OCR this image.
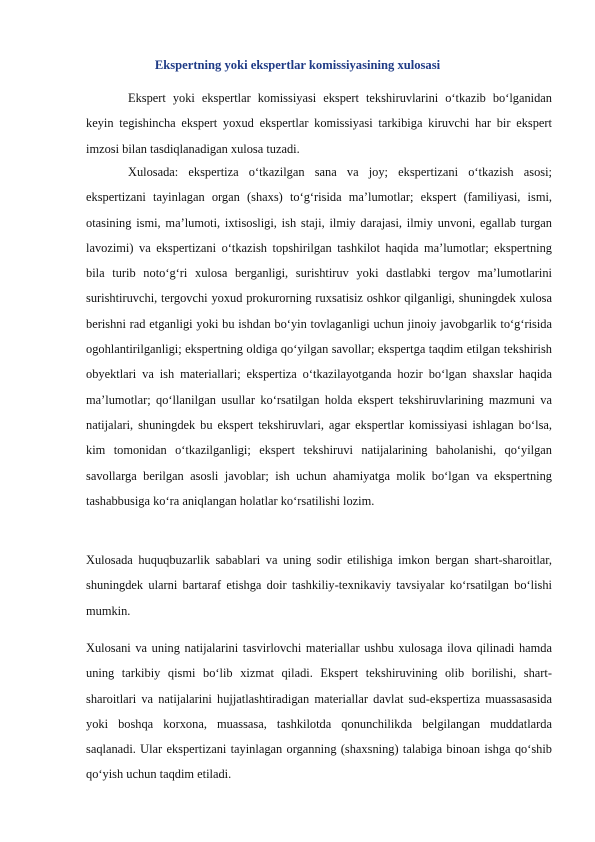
Ekspertning yoki ekspertlar komissiyasining xulosasi

Ekspert yoki ekspertlar komissiyasi ekspert tekshiruvlarini o‘tkazib bo‘lganidan keyin tegishincha ekspert yoxud ekspertlar komissiyasi tarkibiga kiruvchi har bir ekspert imzosi bilan tasdiqlanadigan xulosa tuzadi.

Xulosada: ekspertiza o‘tkazilgan sana va joy; ekspertizani o‘tkazish asosi; ekspertizani tayinlagan organ (shaxs) to‘g‘risida ma’lumotlar; ekspert (familiyasi, ismi, otasining ismi, ma’lumoti, ixtisosligi, ish staji, ilmiy darajasi, ilmiy unvoni, egallab turgan lavozimi) va ekspertizani o‘tkazish topshirilgan tashkilot haqida ma’lumotlar; ekspertning bila turib noto‘g‘ri xulosa berganligi, surishtiruv yoki dastlabki tergov ma’lumotlarini surishtiruvchi, tergovchi yoxud prokurorning ruxsatisiz oshkor qilganligi, shuningdek xulosa berishni rad etganligi yoki bu ishdan bo‘yin tovlaganligi uchun jinoiy javobgarlik to‘g‘risida ogohlantirilganligi; ekspertning oldiga qo‘yilgan savollar; ekspertga taqdim etilgan tekshirish obyektlari va ish materiallari; ekspertiza o‘tkazilayotganda hozir bo‘lgan shaxslar haqida ma’lumotlar; qo‘llanilgan usullar ko‘rsatilgan holda ekspert tekshiruvlarining mazmuni va natijalari, shuningdek bu ekspert tekshiruvlari, agar ekspertlar komissiyasi ishlagan bo‘lsa, kim tomonidan o‘tkazilganligi; ekspert tekshiruvi natijalarining baholanishi, qo‘yilgan savollarga berilgan asosli javoblar; ish uchun ahamiyatga molik bo‘lgan va ekspertning tashabbusiga ko‘ra aniqlangan holatlar ko‘rsatilishi lozim.

Xulosada huquqbuzarlik sabablari va uning sodir etilishiga imkon bergan shart-sharoitlar, shuningdek ularni bartaraf etishga doir tashkiliy-texnikaviy tavsiyalar ko‘rsatilgan bo‘lishi mumkin.

Xulosani va uning natijalarini tasvirlovchi materiallar ushbu xulosaga ilova qilinadi hamda uning tarkibiy qismi bo‘lib xizmat qiladi. Ekspert tekshiruvining olib borilishi, shart-sharoitlari va natijalarini hujjatlashtiradigan materiallar davlat sud-ekspertiza muassasasida yoki boshqa korxona, muassasa, tashkilotda qonunchilikda belgilangan muddatlarda saqlanadi. Ular ekspertizani tayinlagan organning (shaxsning) talabiga binoan ishga qo‘shib qo‘yish uchun taqdim etiladi.
